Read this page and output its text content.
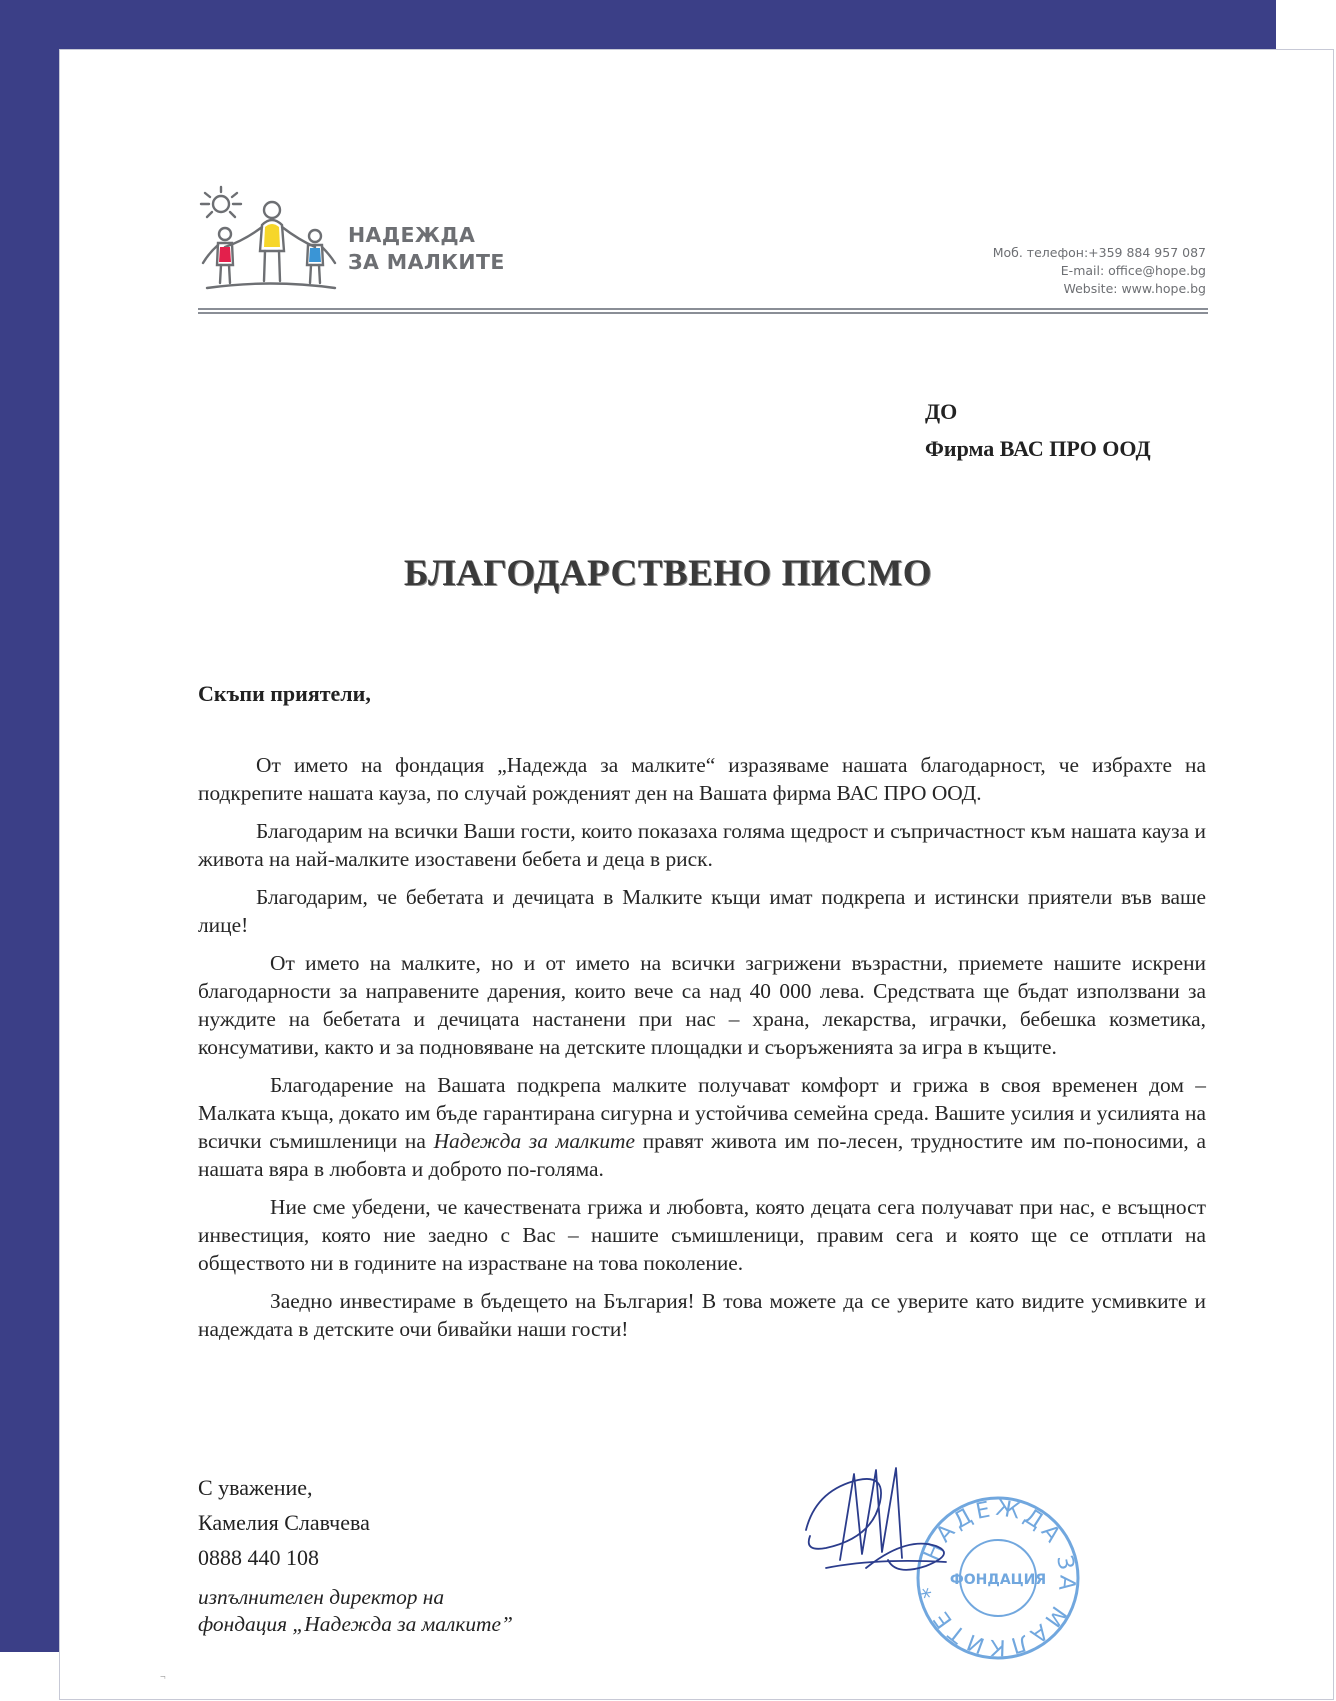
НАДЕЖДА
ЗА МАЛКИТЕ	Моб. телефон:+359 884 957 087
E-mail: office@hope.bg
Website: www.hope.bg
ДО
Фирма ВАС ПРО ООД
БЛАГОДАРСТВЕНО ПИСМО
Скъпи приятели,

От името на фондация „Надежда за малките“ изразяваме нашата благодарност, че избрахте на подкрепите нашата кауза, по случай рожденият ден на Вашата фирма ВАС ПРО ООД.

Благодарим на всички Ваши гости, които показаха голяма щедрост и съпричастност към нашата кауза и живота на най-малките изоставени бебета и деца в риск.

Благодарим, че бебетата и дечицата в Малките къщи имат подкрепа и истински приятели във ваше лице!

От името на малките, но и от името на всички загрижени възрастни, приемете нашите искрени благодарности за направените дарения, които вече са над 40 000 лева. Средствата ще бъдат използвани за нуждите на бебетата и дечицата настанени при нас – храна, лекарства, играчки, бебешка козметика, консумативи, както и за подновяване на детските площадки и съоръженията за игра в къщите.

Благодарение на Вашата подкрепа малките получават комфорт и грижа в своя временен дом – Малката къща, докато им бъде гарантирана сигурна и устойчива семейна среда. Вашите усилия и усилията на всички съмишленици на Надежда за малките правят живота им по-лесен, трудностите им по-поносими, а нашата вяра в любовта и доброто по-голяма.

Ние сме убедени, че качествената грижа и любовта, която децата сега получават при нас, е всъщност инвестиция, която ние заедно с Вас – нашите съмишленици, правим сега и която ще се отплати на обществото ни в годините на израстване на това поколение.

Заедно инвестираме в бъдещето на България! В това можете да се уверите като видите усмивките и надеждата в детските очи бивайки наши гости!

С уважение,
Камелия Славчева
0888 440 108
изпълнителен директор на
фондация „Надежда за малките”
НАДЕЖДА ЗА МАЛКИТЕ *
ФОНДАЦИЯ
¬
